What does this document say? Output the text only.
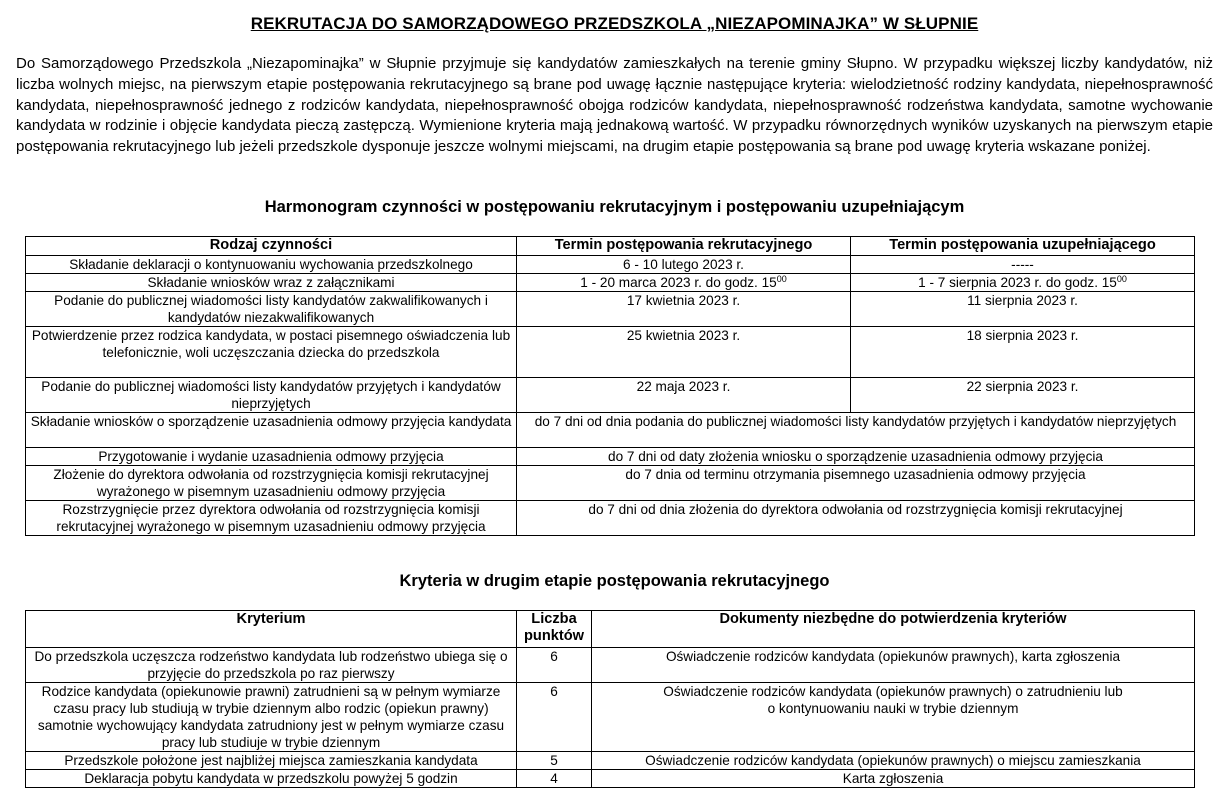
REKRUTACJA DO SAMORZĄDOWEGO PRZEDSZKOLA „NIEZAPOMINAJKA” W SŁUPNIE

Do Samorządowego Przedszkola „Niezapominajka” w Słupnie przyjmuje się kandydatów zamieszkałych na terenie gminy Słupno. W przypadku większej liczby kandydatów, niż liczba wolnych miejsc, na pierwszym etapie postępowania rekrutacyjnego są brane pod uwagę łącznie następujące kryteria: wielodzietność rodziny kandydata, niepełnosprawność kandydata, niepełnosprawność jednego z rodziców kandydata, niepełnosprawność obojga rodziców kandydata, niepełnosprawność rodzeństwa kandydata, samotne wychowanie kandydata w rodzinie i objęcie kandydata pieczą zastępczą. Wymienione kryteria mają jednakową wartość. W przypadku równorzędnych wyników uzyskanych na pierwszym etapie postępowania rekrutacyjnego lub jeżeli przedszkole dysponuje jeszcze wolnymi miejscami, na drugim etapie postępowania są brane pod uwagę kryteria wskazane poniżej.

Harmonogram czynności w postępowaniu rekrutacyjnym i postępowaniu uzupełniającym
Rodzaj czynności	Termin postępowania rekrutacyjnego	Termin postępowania uzupełniającego
Składanie deklaracji o kontynuowaniu wychowania przedszkolnego	6 - 10 lutego 2023 r.	-----
Składanie wniosków wraz z załącznikami	1 - 20 marca 2023 r. do godz. $15^{00}$	1 - 7 sierpnia 2023 r. do godz. $15^{00}$
Podanie do publicznej wiadomości listy kandydatów zakwalifikowanych i kandydatów niezakwalifikowanych	17 kwietnia 2023 r.	11 sierpnia 2023 r.
Potwierdzenie przez rodzica kandydata, w postaci pisemnego oświadczenia lub telefonicznie, woli uczęszczania dziecka do przedszkola	25 kwietnia 2023 r.	18 sierpnia 2023 r.
Podanie do publicznej wiadomości listy kandydatów przyjętych i kandydatów nieprzyjętych	22 maja 2023 r.	22 sierpnia 2023 r.
Składanie wniosków o sporządzenie uzasadnienia odmowy przyjęcia kandydata	do 7 dni od dnia podania do publicznej wiadomości listy kandydatów przyjętych i kandydatów nieprzyjętych	
Przygotowanie i wydanie uzasadnienia odmowy przyjęcia	do 7 dni od daty złożenia wniosku o sporządzenie uzasadnienia odmowy przyjęcia	
Złożenie do dyrektora odwołania od rozstrzygnięcia komisji rekrutacyjnej wyrażonego w pisemnym uzasadnieniu odmowy przyjęcia	do 7 dnia od terminu otrzymania pisemnego uzasadnienia odmowy przyjęcia	
Rozstrzygnięcie przez dyrektora odwołania od rozstrzygnięcia komisji rekrutacyjnej wyrażonego w pisemnym uzasadnieniu odmowy przyjęcia	do 7 dni od dnia złożenia do dyrektora odwołania od rozstrzygnięcia komisji rekrutacyjnej	
Kryteria w drugim etapie postępowania rekrutacyjnego
Kryterium	Liczba punktów	Dokumenty niezbędne do potwierdzenia kryteriów
Do przedszkola uczęszcza rodzeństwo kandydata lub rodzeństwo ubiega się o przyjęcie do przedszkola po raz pierwszy	6	Oświadczenie rodziców kandydata (opiekunów prawnych), karta zgłoszenia
Rodzice kandydata (opiekunowie prawni) zatrudnieni są w pełnym wymiarze czasu pracy lub studiują w trybie dziennym albo rodzic (opiekun prawny) samotnie wychowujący kandydata zatrudniony jest w pełnym wymiarze czasu pracy lub studiuje w trybie dziennym	6	Oświadczenie rodziców kandydata (opiekunów prawnych) o zatrudnieniu lub o kontynuowaniu nauki w trybie dziennym
Przedszkole położone jest najbliżej miejsca zamieszkania kandydata	5	Oświadczenie rodziców kandydata (opiekunów prawnych) o miejscu zamieszkania
Deklaracja pobytu kandydata w przedszkolu powyżej 5 godzin	4	Karta zgłoszenia
